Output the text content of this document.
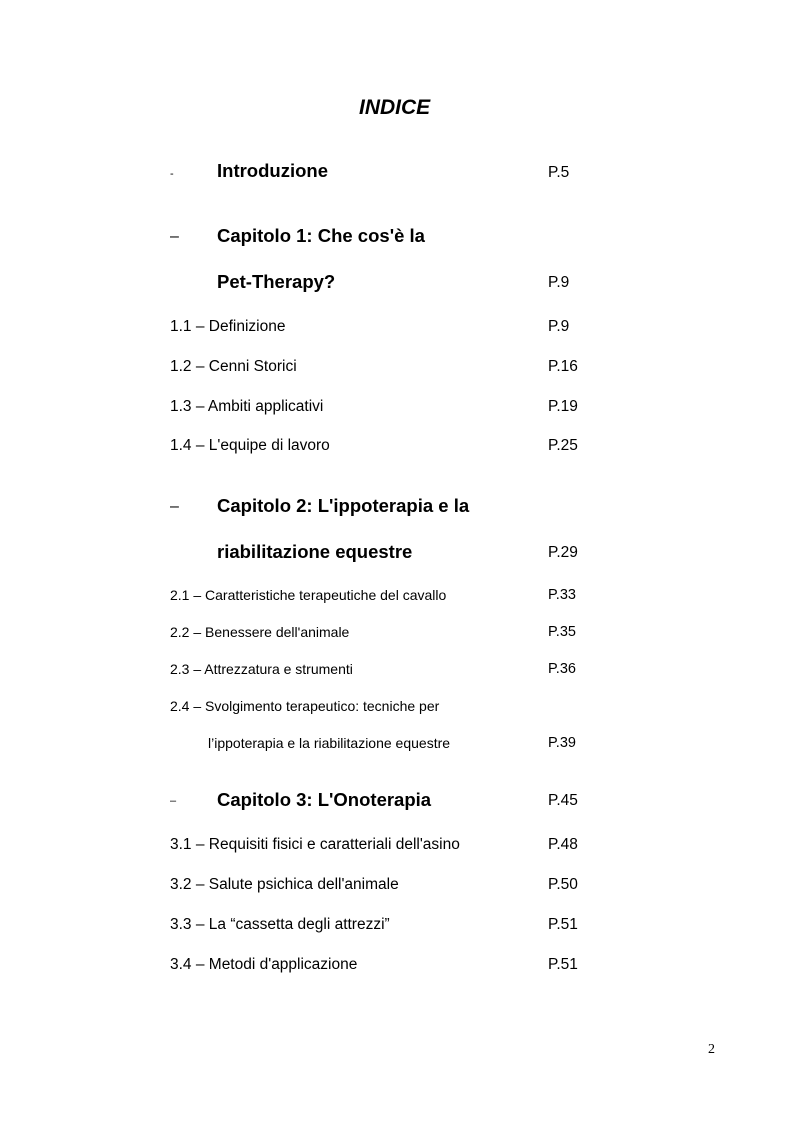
INDICE
- Introduzione	P.5
– Capitolo 1: Che cos'è la
Pet-Therapy?	P.9
1.1 – Definizione	P.9
1.2 – Cenni Storici	P.16
1.3 – Ambiti applicativi	P.19
1.4 – L'equipe di lavoro	P.25
– Capitolo 2: L'ippoterapia e la
riabilitazione equestre	P.29
2.1 – Caratteristiche terapeutiche del cavallo	P.33
2.2 – Benessere dell'animale	P.35
2.3 – Attrezzatura e strumenti	P.36
2.4 – Svolgimento terapeutico: tecniche per
l’ippoterapia e la riabilitazione equestre	P.39
– Capitolo 3: L'Onoterapia	P.45
3.1 – Requisiti fisici e caratteriali dell'asino	P.48
3.2 – Salute psichica dell'animale	P.50
3.3 – La “cassetta degli attrezzi”	P.51
3.4 – Metodi d'applicazione	P.51
2
